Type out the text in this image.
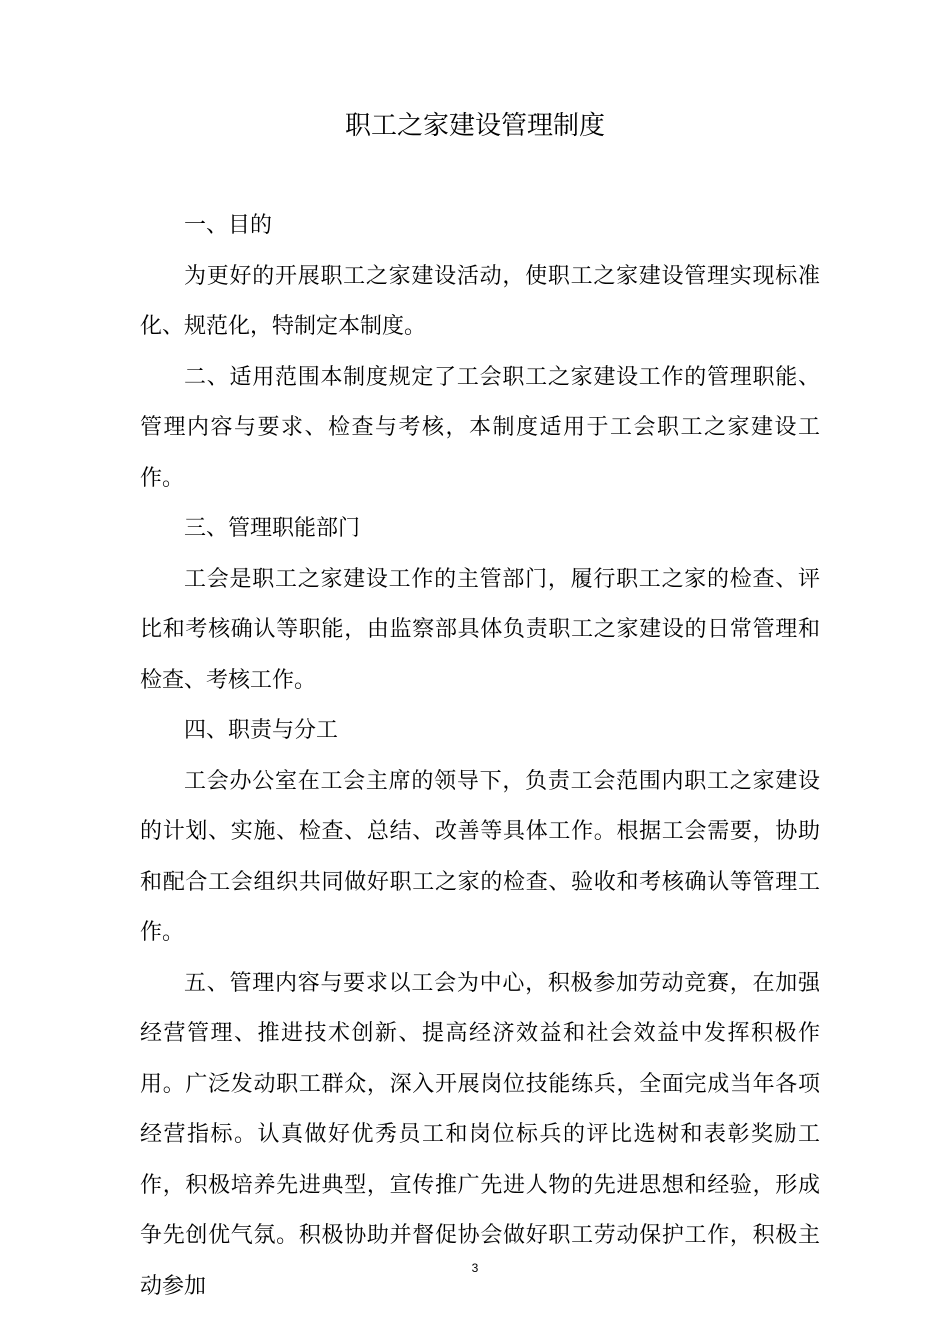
职工之家建设管理制度

一、目的

为更好的开展职工之家建设活动，使职工之家建设管理实现标准化、规范化，特制定本制度。

二、适用范围本制度规定了工会职工之家建设工作的管理职能、管理内容与要求、检查与考核，本制度适用于工会职工之家建设工作。

三、管理职能部门

工会是职工之家建设工作的主管部门，履行职工之家的检查、评比和考核确认等职能，由监察部具体负责职工之家建设的日常管理和检查、考核工作。

四、职责与分工

工会办公室在工会主席的领导下，负责工会范围内职工之家建设的计划、实施、检查、总结、改善等具体工作。根据工会需要，协助和配合工会组织共同做好职工之家的检查、验收和考核确认等管理工作。

五、管理内容与要求以工会为中心，积极参加劳动竞赛，在加强经营管理、推进技术创新、提高经济效益和社会效益中发挥积极作用。广泛发动职工群众，深入开展岗位技能练兵，全面完成当年各项经营指标。认真做好优秀员工和岗位标兵的评比选树和表彰奖励工作，积极培养先进典型，宣传推广先进人物的先进思想和经验，形成争先创优气氛。积极协助并督促协会做好职工劳动保护工作，积极主动参加

3
